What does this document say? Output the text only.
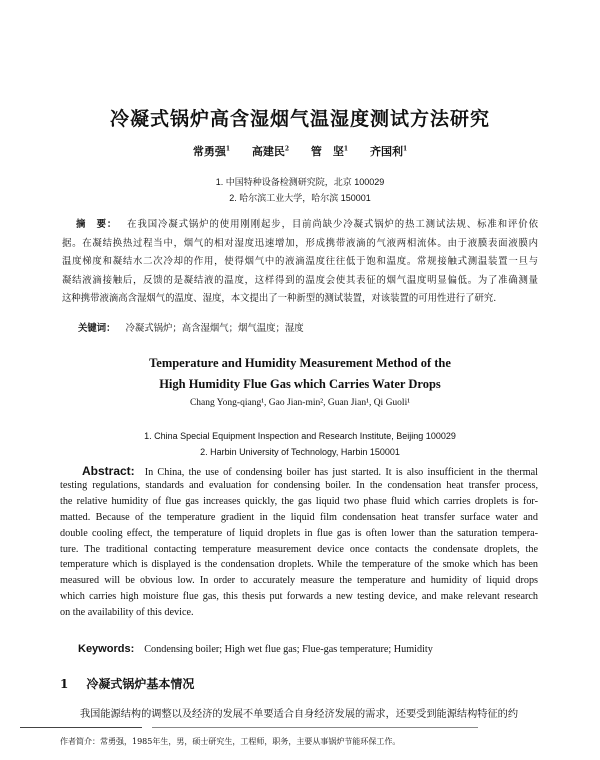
冷凝式锅炉高含湿烟气温湿度测试方法研究
常勇强$^1$ 高建民$^2$ 管　坚$^1$ 齐国利$^1$
1. 中国特种设备检测研究院，北京 100029
2. 哈尔滨工业大学，哈尔滨 150001
摘　要： 在我国冷凝式锅炉的使用刚刚起步，目前尚缺少冷凝式锅炉的热工测试法规、标准和评价依
据。在凝结换热过程当中，烟气的相对湿度迅速增加，形成携带液滴的气液两相流体。由于液膜表面液膜内
温度梯度和凝结水二次冷却的作用，使得烟气中的液滴温度往往低于饱和温度。常规接触式测温装置一旦与
凝结液滴接触后，反馈的是凝结液的温度，这样得到的温度会使其表征的烟气温度明显偏低。为了准确测量
这种携带液滴高含湿烟气的温度、湿度，本文提出了一种新型的测试装置，对该装置的可用性进行了研究.
关键词： 冷凝式锅炉；高含湿烟气；烟气温度；湿度
Temperature and Humidity Measurement Method of the
High Humidity Flue Gas which Carries Water Drops
Chang Yong-qiang¹, Gao Jian-min², Guan Jian¹, Qi Guoli¹
1. China Special Equipment Inspection and Research Institute, Beijing 100029
2. Harbin University of Technology, Harbin 150001
Abstract: In China, the use of condensing boiler has just started. It is also insufficient in the thermal
testing regulations, standards and evaluation for condensing boiler. In the condensation heat transfer process,
the relative humidity of flue gas increases quickly, the gas liquid two phase fluid which carries droplets is for-
matted. Because of the temperature gradient in the liquid film condensation heat transfer surface water and
double cooling effect, the temperature of liquid droplets in flue gas is often lower than the saturation tempera-
ture. The traditional contacting temperature measurement device once contacts the condensate droplets, the
temperature which is displayed is the condensation droplets. While the temperature of the smoke which has been
measured will be obvious low. In order to accurately measure the temperature and humidity of liquid drops
Keywords: Condensing boiler; High wet flue gas; Flue-gas temperature; Humidity
1 冷凝式锅炉基本情况
我国能源结构的调整以及经济的发展不单要适合自身经济发展的需求，还要受到能源结构特征的约
作者简介：常勇强，1985年生，男，硕士研究生，工程师，职务，主要从事锅炉节能环保工作。
which carries high moisture flue gas, this thesis put forwards a new testing device, and make relevant research
on the availability of this device.
